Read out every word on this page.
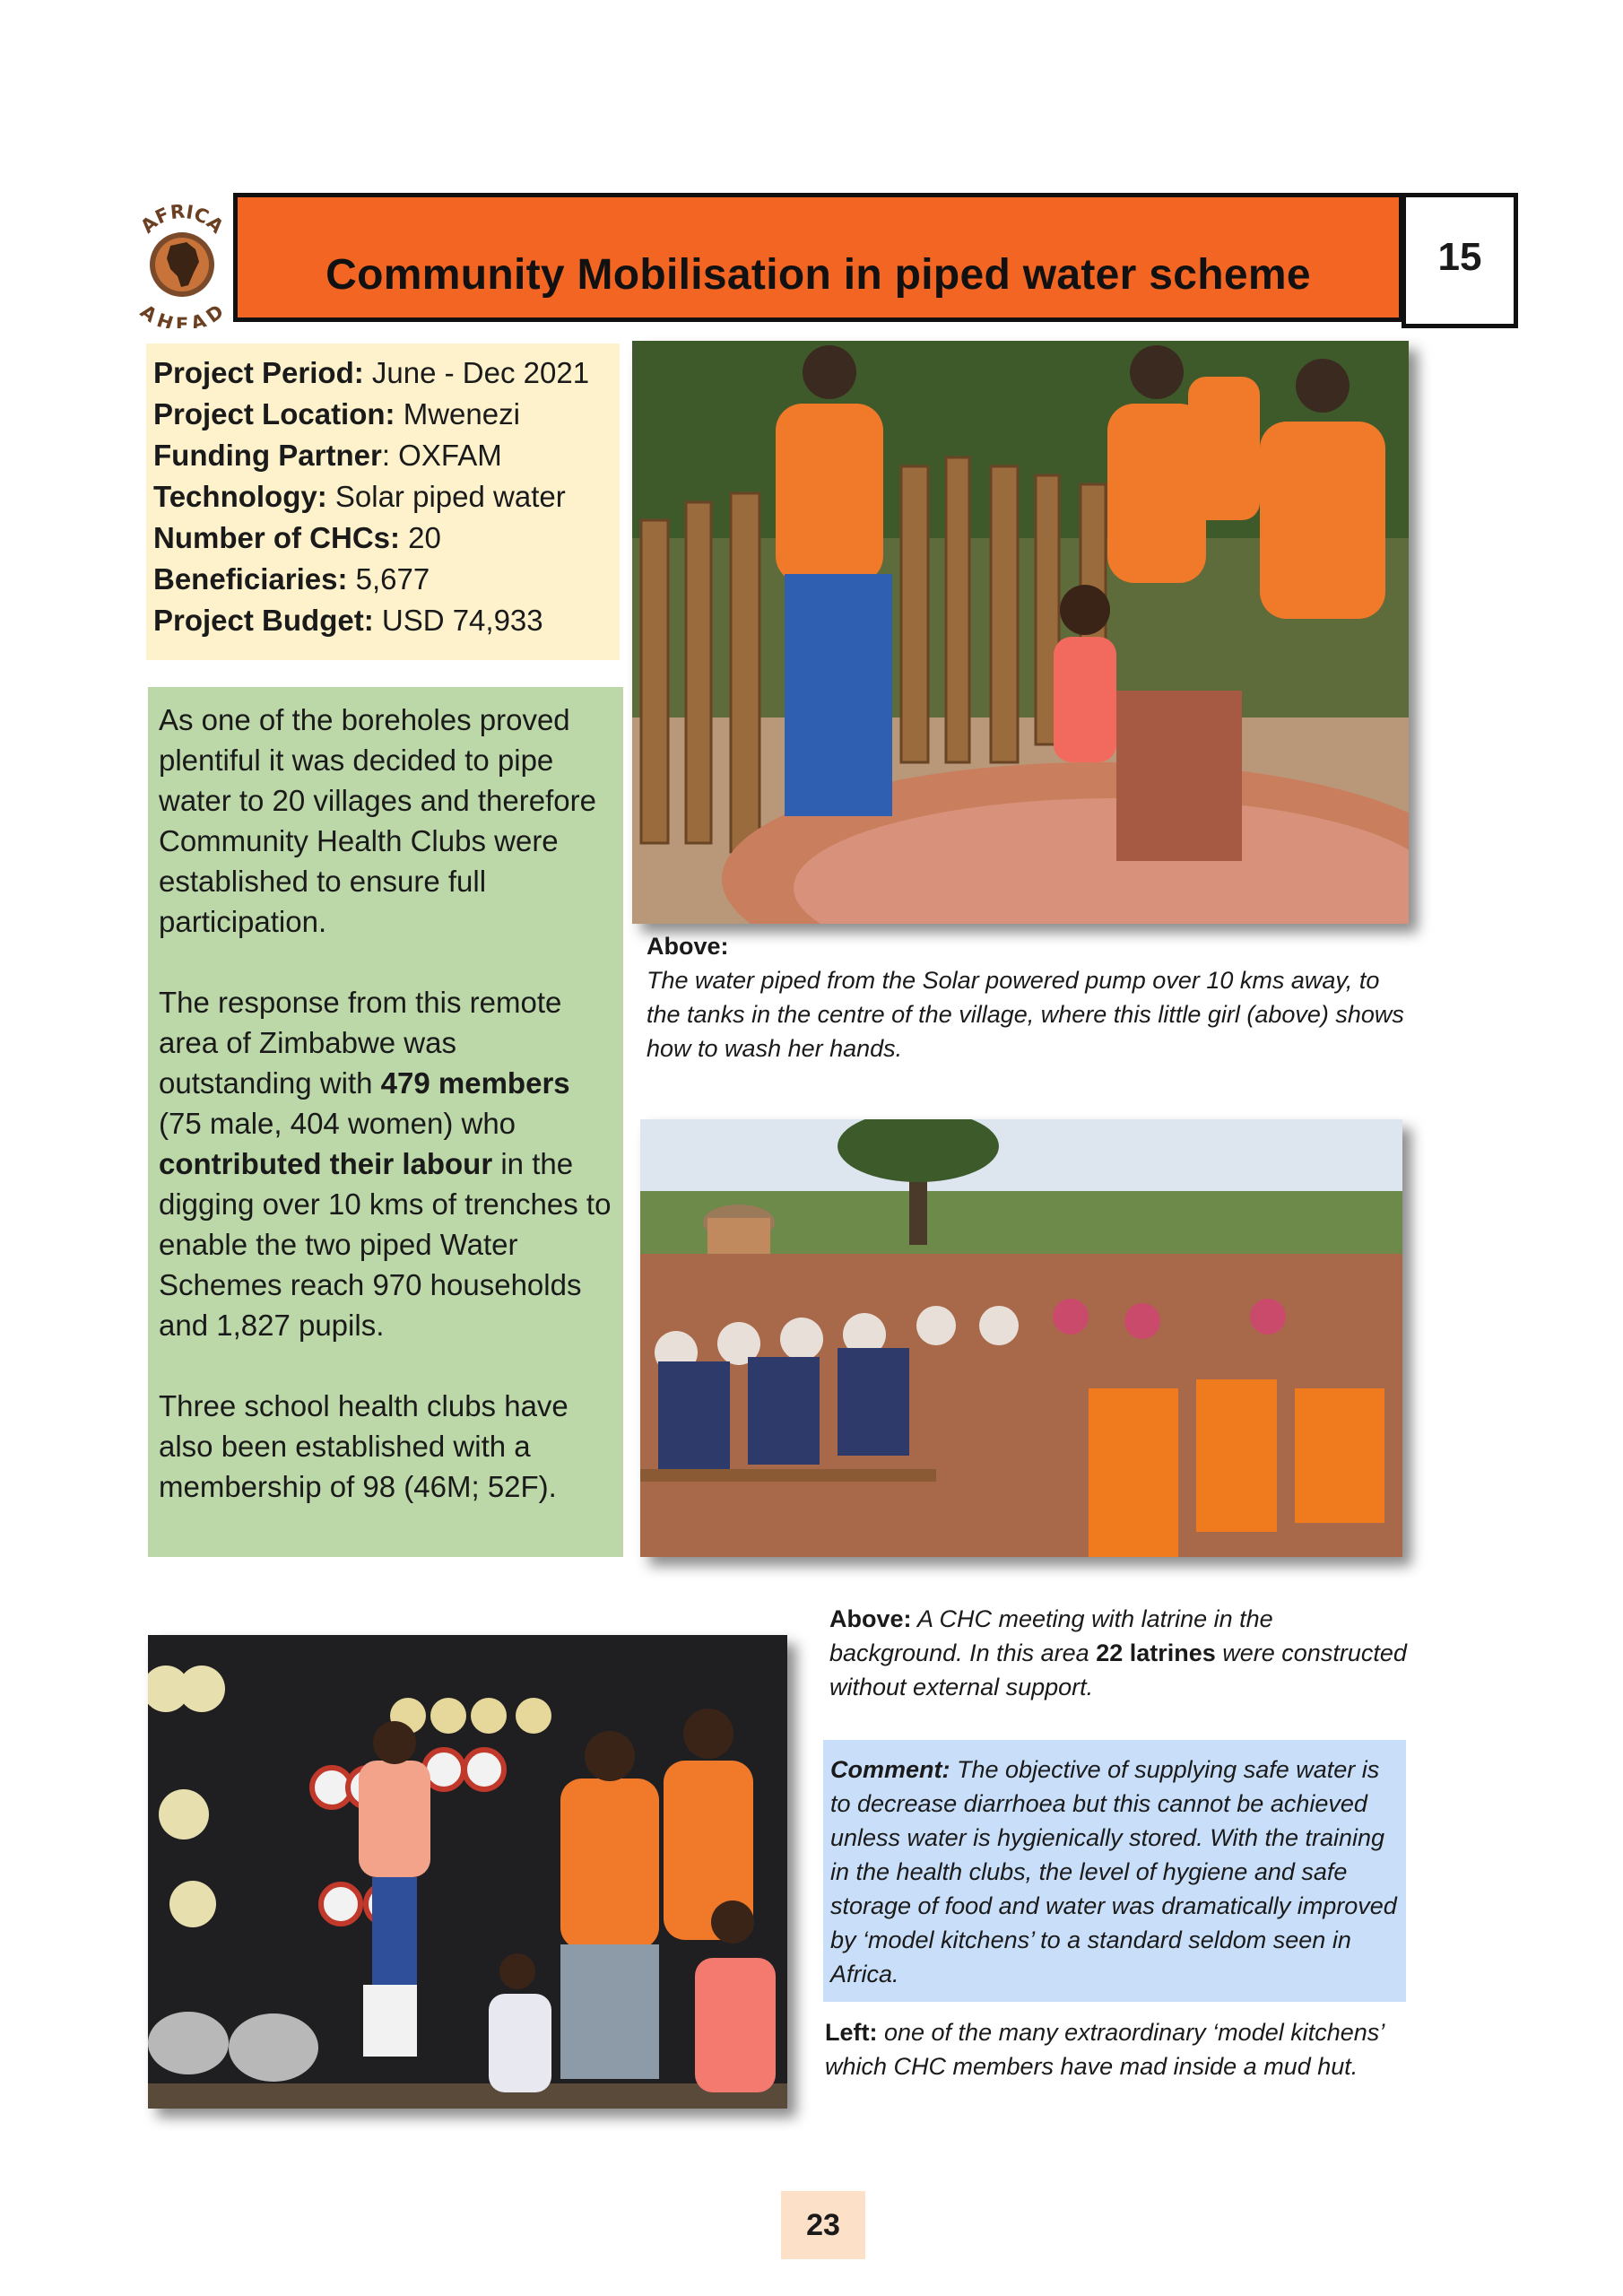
AFRICA
AHEAD
Community Mobilisation in piped water scheme	15
Project Period: June - Dec 2021
Project Location: Mwenezi
Funding Partner: OXFAM
Technology: Solar piped water
Number of CHCs: 20
Beneficiaries: 5,677
Project Budget: USD 74,933

As one of the boreholes proved plentiful it was decided to pipe water to 20 villages and therefore Community Health Clubs were established to ensure full participation.

The response from this remote area of Zimbabwe was outstanding with 479 members (75 male, 404 women) who contributed their labour in the digging over 10 kms of trenches to enable the two piped Water Schemes reach 970 households and 1,827 pupils.

Three school health clubs have also been established with a membership of 98 (46M; 52F).

Above:
The water piped from the Solar powered pump over 10 kms away, to the tanks in the centre of the village, where this little girl (above) shows how to wash her hands.
Above: A CHC meeting with latrine in the background. In this area 22 latrines were constructed without external support.
Comment: The objective of supplying safe water is to decrease diarrhoea but this cannot be achieved unless water is hygienically stored. With the training in the health clubs, the level of hygiene and safe storage of food and water was dramatically improved by ‘model kitchens’ to a standard seldom seen in Africa.
Left: one of the many extraordinary ‘model kitchens’ which CHC members have mad inside a mud hut.
23
